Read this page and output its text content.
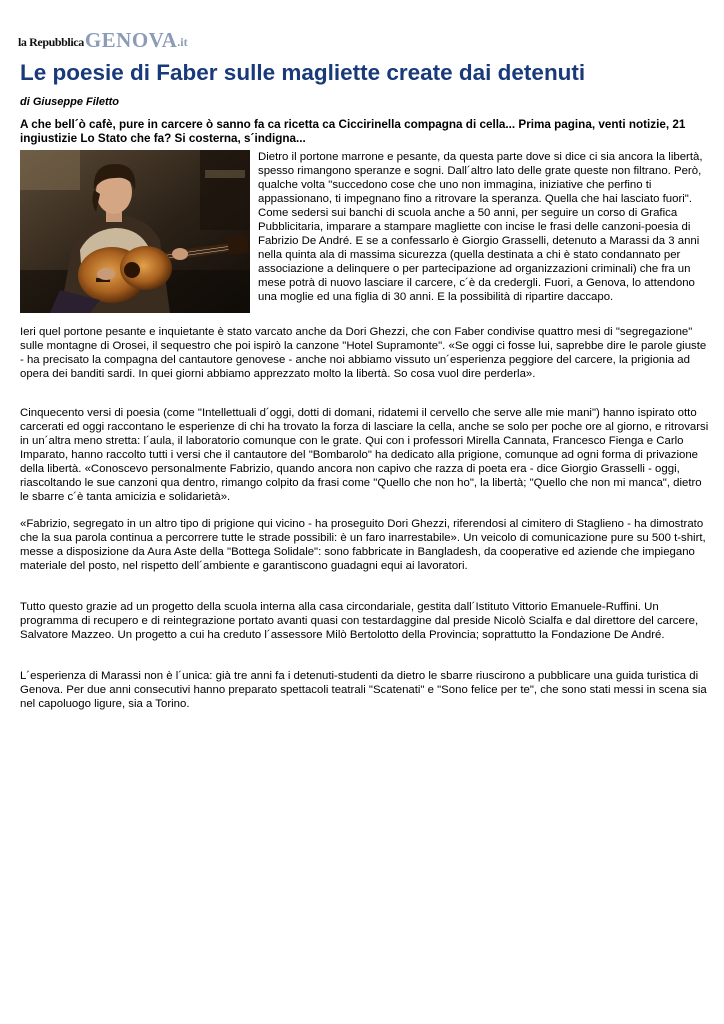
la Repubblica GENOVA .it
Le poesie di Faber sulle magliette create dai detenuti

di Giuseppe Filetto

A che bell´ò cafè, pure in carcere ò sanno fa ca ricetta ca Ciccirinella compagna di cella... Prima pagina, venti notizie, 21 ingiustizie Lo Stato che fa? Si costerna, s´indigna...

Dietro il portone marrone e pesante, da questa parte dove si dice ci sia ancora la libertà, spesso rimangono speranze e sogni. Dall´altro lato delle grate queste non filtrano. Però, qualche volta "succedono cose che uno non immagina, iniziative che perfino ti appassionano, ti impegnano fino a ritrovare la speranza. Quella che hai lasciato fuori". Come sedersi sui banchi di scuola anche a 50 anni, per seguire un corso di Grafica Pubblicitaria, imparare a stampare magliette con incise le frasi delle canzoni-poesia di Fabrizio De André. E se a confessarlo è Giorgio Grasselli, detenuto a Marassi da 3 anni nella quinta ala di massima sicurezza (quella destinata a chi è stato condannato per associazione a delinquere o per partecipazione ad organizzazioni criminali) che fra un mese potrà di nuovo lasciare il carcere, c´è da credergli. Fuori, a Genova, lo attendono una moglie ed una figlia di 30 anni. E la possibilità di ripartire daccapo.

Ieri quel portone pesante e inquietante è stato varcato anche da Dori Ghezzi, che con Faber condivise quattro mesi di "segregazione" sulle montagne di Orosei, il sequestro che poi ispirò la canzone "Hotel Supramonte". «Se oggi ci fosse lui, saprebbe dire le parole giuste - ha precisato la compagna del cantautore genovese - anche noi abbiamo vissuto un´esperienza peggiore del carcere, la prigionia ad opera dei banditi sardi. In quei giorni abbiamo apprezzato molto la libertà. So cosa vuol dire perderla».

Cinquecento versi di poesia (come "Intellettuali d´oggi, dotti di domani, ridatemi il cervello che serve alle mie mani") hanno ispirato otto carcerati ed oggi raccontano le esperienze di chi ha trovato la forza di lasciare la cella, anche se solo per poche ore al giorno, e ritrovarsi in un´altra meno stretta: l´aula, il laboratorio comunque con le grate. Qui con i professori Mirella Cannata, Francesco Fienga e Carlo Imparato, hanno raccolto tutti i versi che il cantautore del "Bombarolo" ha dedicato alla prigione, comunque ad ogni forma di privazione della libertà. «Conoscevo personalmente Fabrizio, quando ancora non capivo che razza di poeta era - dice Giorgio Grasselli - oggi, riascoltando le sue canzoni qua dentro, rimango colpito da frasi come "Quello che non ho", la libertà; "Quello che non mi manca", dietro le sbarre c´è tanta amicizia e solidarietà».

«Fabrizio, segregato in un altro tipo di prigione qui vicino - ha proseguito Dori Ghezzi, riferendosi al cimitero di Staglieno - ha dimostrato che la sua parola continua a percorrere tutte le strade possibili: è un faro inarrestabile». Un veicolo di comunicazione pure su 500 t-shirt, messe a disposizione da Aura Aste della "Bottega Solidale": sono fabbricate in Bangladesh, da cooperative ed aziende che impiegano materiale del posto, nel rispetto dell´ambiente e garantiscono guadagni equi ai lavoratori.

Tutto questo grazie ad un progetto della scuola interna alla casa circondariale, gestita dall´Istituto Vittorio Emanuele-Ruffini. Un programma di recupero e di reintegrazione portato avanti quasi con testardaggine dal preside Nicolò Scialfa e dal direttore del carcere, Salvatore Mazzeo. Un progetto a cui ha creduto l´assessore Milò Bertolotto della Provincia; soprattutto la Fondazione De André.

L´esperienza di Marassi non è l´unica: già tre anni fa i detenuti-studenti da dietro le sbarre riuscirono a pubblicare una guida turistica di Genova. Per due anni consecutivi hanno preparato spettacoli teatrali "Scatenati" e "Sono felice per te", che sono stati messi in scena sia nel capoluogo ligure, sia a Torino.
